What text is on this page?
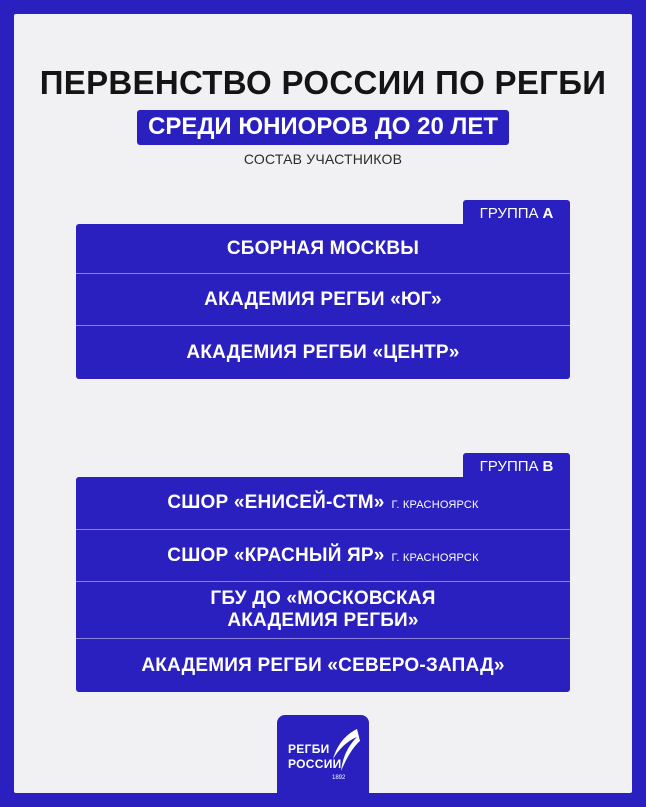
ПЕРВЕНСТВО РОССИИ ПО РЕГБИ
СРЕДИ ЮНИОРОВ ДО 20 ЛЕТ
СОСТАВ УЧАСТНИКОВ
ГРУППА А
СБОРНАЯ МОСКВЫ
АКАДЕМИЯ РЕГБИ «ЮГ»
АКАДЕМИЯ РЕГБИ «ЦЕНТР»
ГРУППА В
СШОР «ЕНИСЕЙ-СТМ» Г. КРАСНОЯРСК
СШОР «КРАСНЫЙ ЯР» Г. КРАСНОЯРСК
ГБУ ДО «МОСКОВСКАЯ
АКАДЕМИЯ РЕГБИ»
АКАДЕМИЯ РЕГБИ «СЕВЕРО-ЗАПАД»
РЕГБИ
РОССИИ
1892
